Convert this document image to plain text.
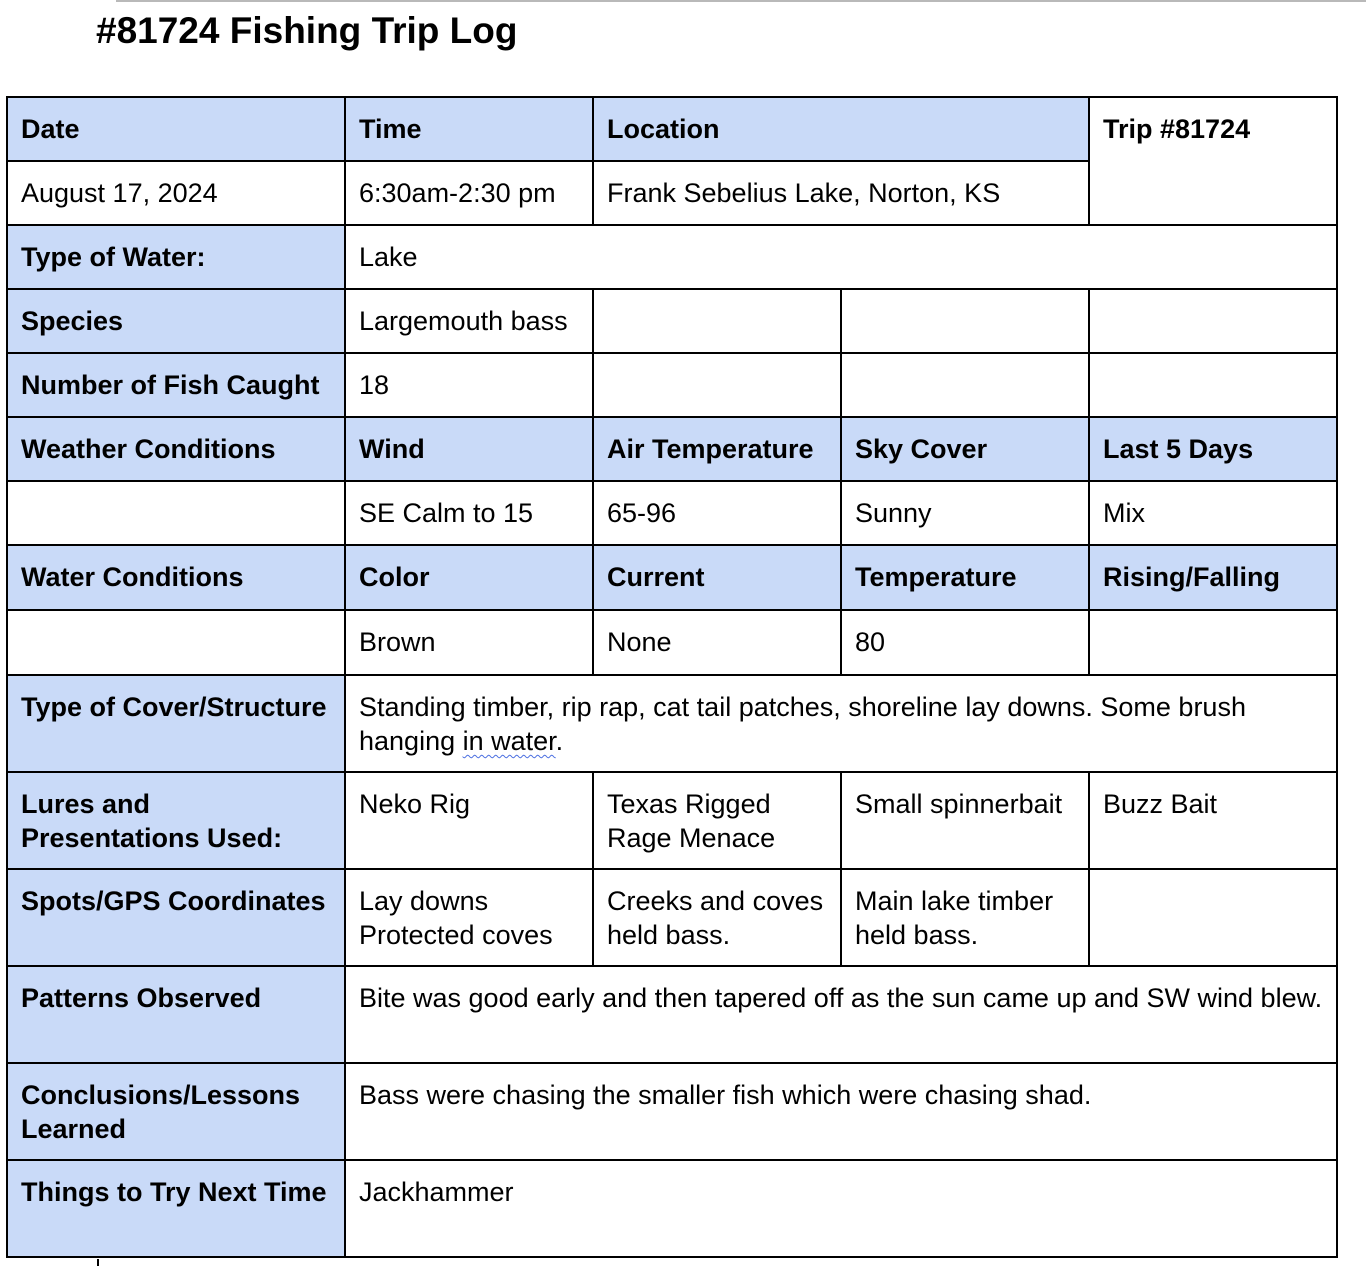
#81724 Fishing Trip Log
Date	Time	Location		Trip #81724
August 17, 2024	6:30am-2:30 pm	Frank Sebelius Lake, Norton, KS		
Type of Water:	Lake			
Species	Largemouth bass			
Number of Fish Caught	18			
Weather Conditions	Wind	Air Temperature	Sky Cover	Last 5 Days
	SE Calm to 15	65-96	Sunny	Mix
Water Conditions	Color	Current	Temperature	Rising/Falling
	Brown	None	80	
Type of Cover/Structure	Standing timber, rip rap, cat tail patches, shoreline lay downs. Some brush hanging in water.			
Lures and Presentations Used:	Neko Rig	Texas Rigged Rage Menace	Small spinnerbait	Buzz Bait
Spots/GPS Coordinates	Lay downs Protected coves	Creeks and coves held bass.	Main lake timber held bass.	
Patterns Observed	Bite was good early and then tapered off as the sun came up and SW wind blew.			
Conclusions/Lessons Learned	Bass were chasing the smaller fish which were chasing shad.			
Things to Try Next Time	Jackhammer			
